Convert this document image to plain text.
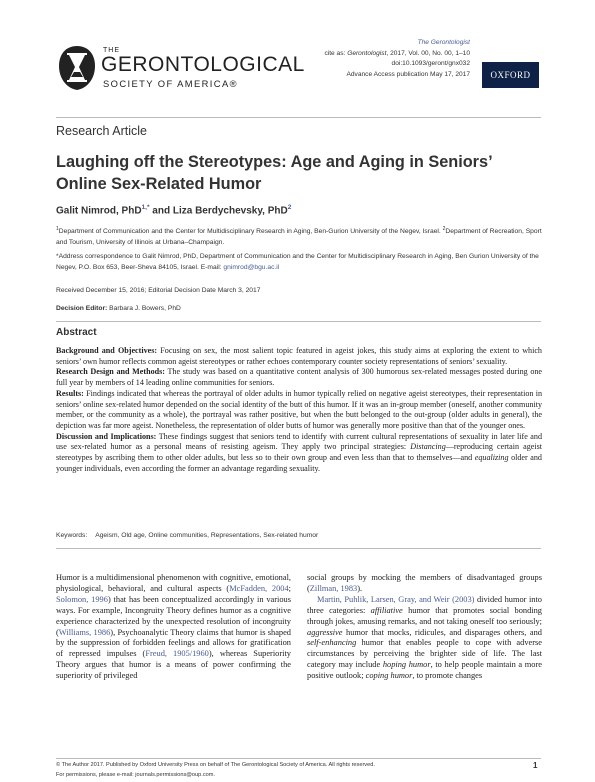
THE
GERONTOLOGICAL
SOCIETY OF AMERICA®
The Gerontologist
cite as: Gerontologist, 2017, Vol. 00, No. 00, 1–10
doi:10.1093/geront/gnx032
Advance Access publication May 17, 2017	OXFORD
Research Article
Laughing off the Stereotypes: Age and Aging in Seniors’ Online Sex-Related Humor
Galit Nimrod, PhD$^{1,*}$ and Liza Berdychevsky, PhD$^2$
$^1$Department of Communication and the Center for Multidisciplinary Research in Aging, Ben-Gurion University of the Negev, Israel. $^2$Department of Recreation, Sport and Tourism, University of Illinois at Urbana–Champaign.
*Address correspondence to Galit Nimrod, PhD, Department of Communication and the Center for Multidisciplinary Research in Aging, Ben Gurion University of the Negev, P.O. Box 653, Beer-Sheva 84105, Israel. E-mail: gnimrod@bgu.ac.il
Received December 15, 2016; Editorial Decision Date March 3, 2017
Decision Editor: Barbara J. Bowers, PhD
Abstract

Background and Objectives: Focusing on sex, the most salient topic featured in ageist jokes, this study aims at exploring the extent to which seniors’ own humor reflects common ageist stereotypes or rather echoes contemporary counter society representations of seniors’ sexuality.

Research Design and Methods: The study was based on a quantitative content analysis of 300 humorous sex-related messages posted during one full year by members of 14 leading online communities for seniors.

Results: Findings indicated that whereas the portrayal of older adults in humor typically relied on negative ageist stereotypes, their representation in seniors’ online sex-related humor depended on the social identity of the butt of this humor. If it was an in-group member (oneself, another community member, or the community as a whole), the portrayal was rather positive, but when the butt belonged to the out-group (older adults in general), the depiction was far more ageist. Nonetheless, the representation of older butts of humor was generally more positive than that of the younger ones.

Discussion and Implications: These findings suggest that seniors tend to identify with current cultural representations of sexuality in later life and use sex-related humor as a personal means of resisting ageism. They apply two principal strategies: Distancing—reproducing certain ageist stereotypes by ascribing them to other older adults, but less so to their own group and even less than that to themselves—and equalizing older and younger individuals, even according the former an advantage regarding sexuality.

Keywords: Ageism, Old age, Online communities, Representations, Sex-related humor

Humor is a multidimensional phenomenon with cognitive, emotional, physiological, behavioral, and cultural aspects (McFadden, 2004; Solomon, 1996) that has been conceptualized accordingly in various ways. For example, Incongruity Theory defines humor as a cognitive experience characterized by the unexpected resolution of incongruity (Williams, 1986), Psychoanalytic Theory claims that humor is shaped by the suppression of forbidden feelings and allows for gratification of repressed impulses (Freud, 1905/1960), whereas Superiority Theory argues that humor is a means of power confirming the superiority of privileged

social groups by mocking the members of disadvantaged groups (Zillman, 1983).

Martin, Puhlik, Larsen, Gray, and Weir (2003) divided humor into three categories: affiliative humor that promotes social bonding through jokes, amusing remarks, and not taking oneself too seriously; aggressive humor that mocks, ridicules, and disparages others, and self-enhancing humor that enables people to cope with adverse circumstances by perceiving the brighter side of life. The last category may include hoping humor, to help people maintain a more positive outlook; coping humor, to promote changes

© The Author 2017. Published by Oxford University Press on behalf of The Gerontological Society of America. All rights reserved.
For permissions, please e-mail: journals.permissions@oup.com.
1
